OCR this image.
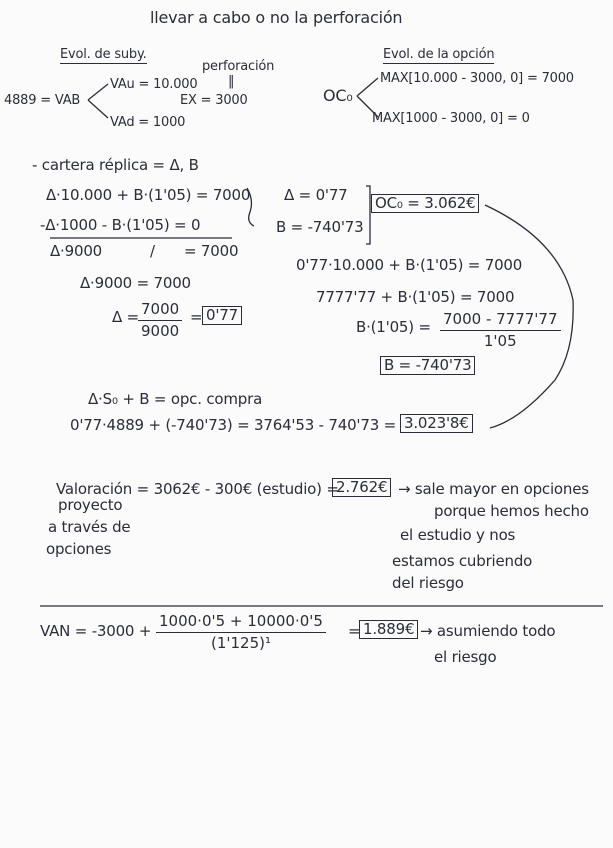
llevar a cabo o no la perforación
Evol. de suby.	Evol. de la opción
4889 = VAB
VAu = 10.000
VAd = 1000
perforación
‖
EX = 3000	OC₀
MAX[10.000 - 3000, 0] = 7000
MAX[1000 - 3000, 0] = 0
- cartera réplica = Δ, B
Δ·10.000 + B·(1'05) = 7000
-Δ·1000 - B·(1'05) = 0
Δ·9000	/ = 7000
Δ = 0'77
B = -740'73
OC₀ = 3.062€
0'77·10.000 + B·(1'05) = 7000
7777'77 + B·(1'05) = 7000
$B\cdot(1'05) = \frac{7000 - 7777'77}{1'05}$
B = -740'73
Δ·9000 = 7000
$\Delta = \frac{7000}{9000} = 0'77$
Δ·S₀ + B = opc. compra
0'77·4889 + (-740'73) = 3764'53 - 740'73 = 3.023'8€
Valoración = 3062€ - 300€ (estudio) =
2.762€ → sale mayor en opciones
porque hemos hecho
el estudio y nos
estamos cubriendo
del riesgo
proyecto
a través de
opciones
VAN = $-3000 + \frac{1000\cdot 0'5 + 10000\cdot 0'5}{\text{(1'125)¹}}$ = 1.889€ → asumiendo todo
el riesgo
